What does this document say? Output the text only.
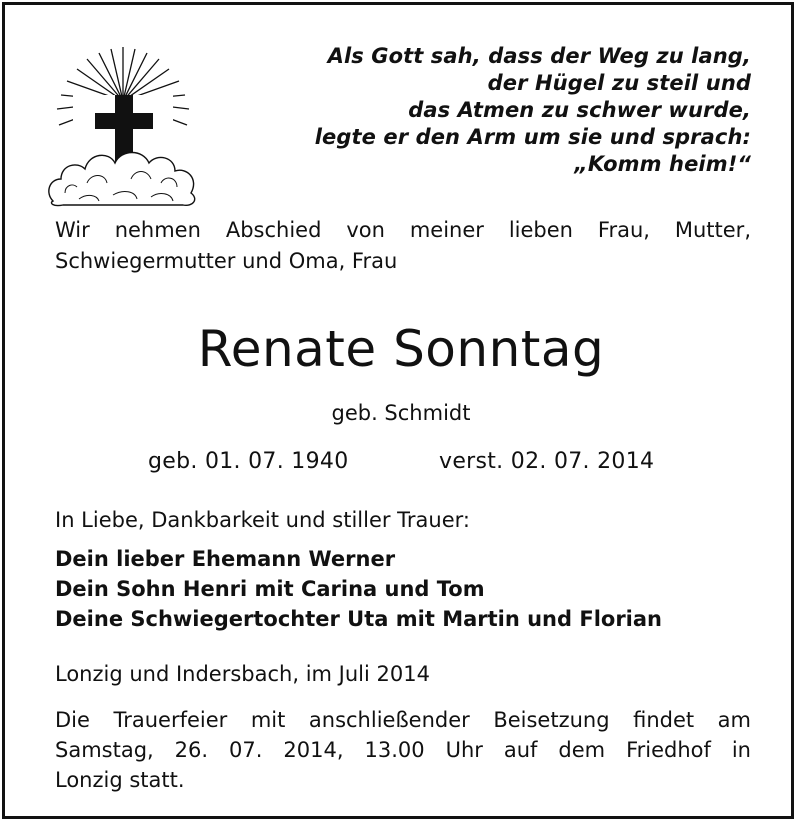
Als Gott sah, dass der Weg zu lang,
der Hügel zu steil und
das Atmen zu schwer wurde,
legte er den Arm um sie und sprach:
„Komm heim!“
Wir nehmen Abschied von meiner lieben Frau, Mutter,
Schwiegermutter und Oma, Frau
Renate Sonntag
geb. Schmidt
geb. 01. 07. 1940	verst. 02. 07. 2014
In Liebe, Dankbarkeit und stiller Trauer:
Dein lieber Ehemann Werner
Dein Sohn Henri mit Carina und Tom
Deine Schwiegertochter Uta mit Martin und Florian
Lonzig und Indersbach, im Juli 2014
Die Trauerfeier mit anschließender Beisetzung findet am
Samstag, 26. 07. 2014, 13.00 Uhr auf dem Friedhof in
Lonzig statt.
